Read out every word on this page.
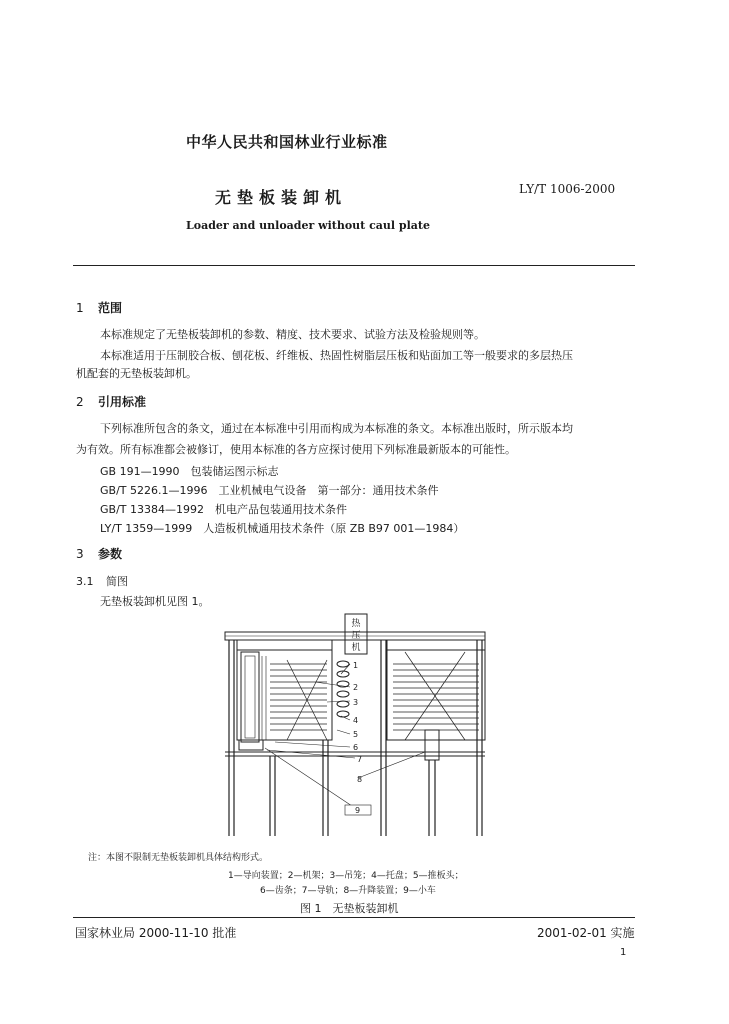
中华人民共和国林业行业标准
无垫板装卸机	LY/T 1006-2000
Loader and unloader without caul plate
1 范围
本标准规定了无垫板装卸机的参数、精度、技术要求、试验方法及检验规则等。
本标准适用于压制胶合板、刨花板、纤维板、热固性树脂层压板和贴面加工等一般要求的多层热压
机配套的无垫板装卸机。
2 引用标准
下列标准所包含的条文，通过在本标准中引用而构成为本标准的条文。本标准出版时，所示版本均
为有效。所有标准都会被修订，使用本标准的各方应探讨使用下列标准最新版本的可能性。
GB 191—1990　包装储运图示标志
GB/T 5226.1—1996　工业机械电气设备　第一部分：通用技术条件
GB/T 13384—1992　机电产品包装通用技术条件
LY/T 1359—1999　人造板机械通用技术条件（原 ZB B97 001—1984）
3 参数
3.1 简图
无垫板装卸机见图 1。
热
压
机
1
2
3
4
5
6
7
8
9
注：本图不限制无垫板装卸机具体结构形式。
1—导向装置；2—机架；3—吊笼；4—托盘；5—推板头；
6—齿条；7—导轨；8—升降装置；9—小车
图 1　无垫板装卸机
国家林业局 2000-11-10 批准	2001-02-01 实施
1
